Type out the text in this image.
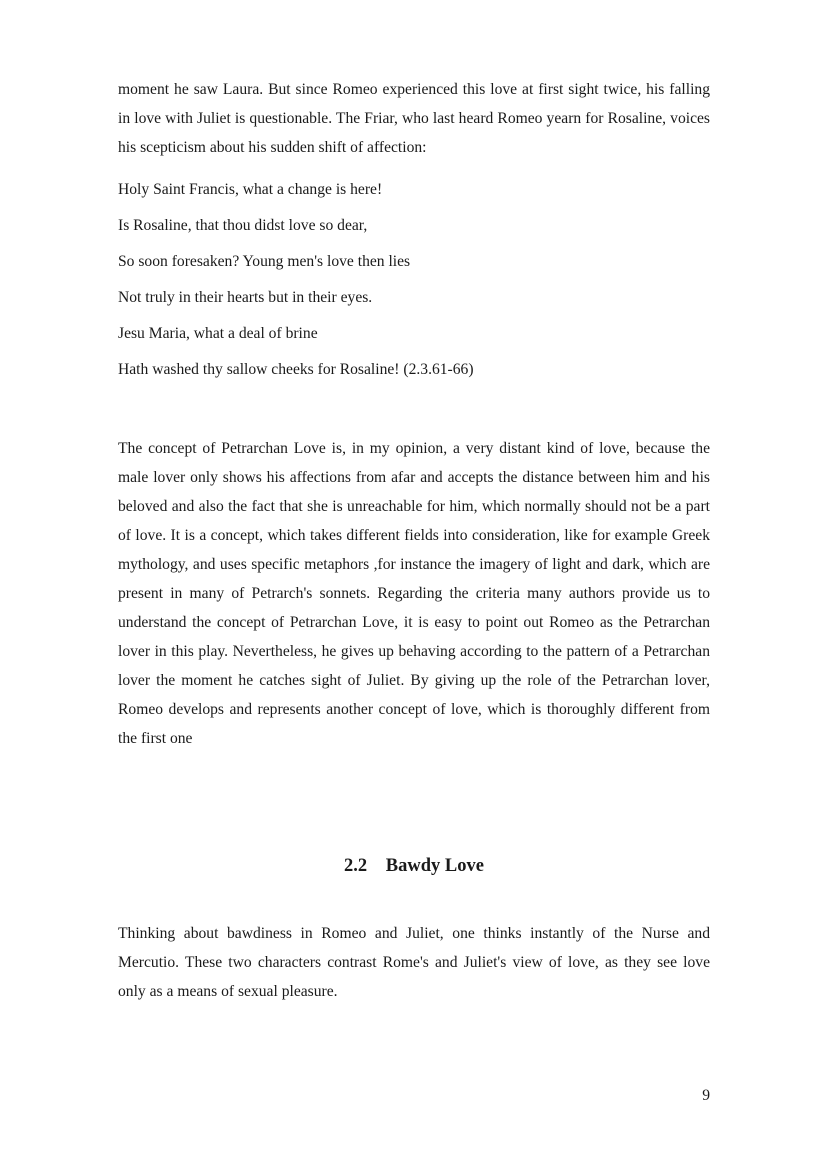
moment he saw Laura. But since Romeo experienced this love at first sight twice, his falling in love with Juliet is questionable. The Friar, who last heard Romeo yearn for Rosaline, voices his scepticism about his sudden shift of affection:

Holy Saint Francis, what a change is here!
Is Rosaline, that thou didst love so dear,
So soon foresaken? Young men's love then lies
Not truly in their hearts but in their eyes.
Jesu Maria, what a deal of brine
Hath washed thy sallow cheeks for Rosaline! (2.3.61-66)

The concept of Petrarchan Love is, in my opinion, a very distant kind of love, because the male lover only shows his affections from afar and accepts the distance between him and his beloved and also the fact that she is unreachable for him, which normally should not be a part of love. It is a concept, which takes different fields into consideration, like for example Greek mythology, and uses specific metaphors ,for instance the imagery of light and dark, which are present in many of Petrarch's sonnets. Regarding the criteria many authors provide us to understand the concept of Petrarchan Love, it is easy to point out Romeo as the Petrarchan lover in this play. Nevertheless, he gives up behaving according to the pattern of a Petrarchan lover the moment he catches sight of Juliet. By giving up the role of the Petrarchan lover, Romeo develops and represents another concept of love, which is thoroughly different from the first one

2.2 Bawdy Love

Thinking about bawdiness in Romeo and Juliet, one thinks instantly of the Nurse and Mercutio. These two characters contrast Rome's and Juliet's view of love, as they see love only as a means of sexual pleasure.

9
